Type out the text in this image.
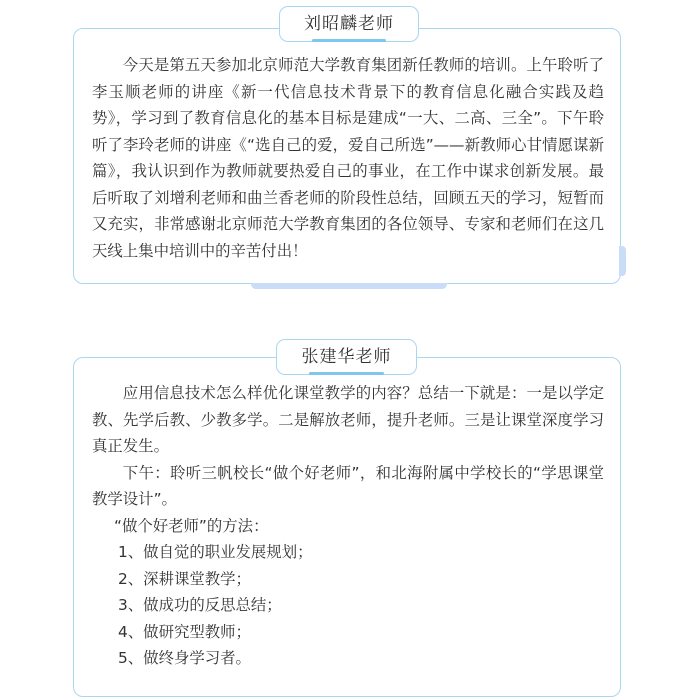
刘昭麟老师
今天是第五天参加北京师范大学教育集团新任教师的培训。上午聆听了李玉顺老师的讲座《新一代信息技术背景下的教育信息化融合实践及趋势》，学习到了教育信息化的基本目标是建成“一大、二高、三全”。下午聆听了李玲老师的讲座《“选自己的爱，爱自己所选”——新教师心甘情愿谋新篇》，我认识到作为教师就要热爱自己的事业，在工作中谋求创新发展。最后听取了刘增利老师和曲兰香老师的阶段性总结，回顾五天的学习，短暂而又充实，非常感谢北京师范大学教育集团的各位领导、专家和老师们在这几天线上集中培训中的辛苦付出！
张建华老师

应用信息技术怎么样优化课堂教学的内容？总结一下就是：一是以学定教、先学后教、少教多学。二是解放老师，提升老师。三是让课堂深度学习真正发生。

下午：聆听三帆校长“做个好老师”，和北海附属中学校长的“学思课堂教学设计”。

“做个好老师”的方法：
1、做自觉的职业发展规划；
2、深耕课堂教学；
3、做成功的反思总结；
4、做研究型教师；
5、做终身学习者。
